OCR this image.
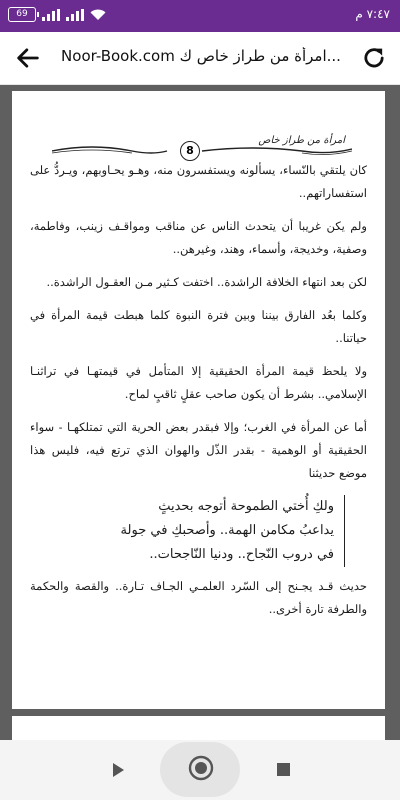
69	٧:٤٧ م
Noor-Book.com امرأة من طراز خاص ك...
8
امرأة من طراز خاص

كان يلتقي بالنّساء، يسألونه ويستفسرون منه، وهـو يحـاوبهم، ويـردُّ على استفساراتهم..

ولم يكن غريبا أن يتحدث الناس عن مناقب ومواقـف زينب، وفاطمة، وصفية، وخديجة، وأسماء، وهند، وغيرهن..

لكن بعد انتهاء الخلافة الراشدة.. اختفت كـثير مـن العقـول الراشدة..

وكلما بعُد الفارق بيننا وبين فترة النبوة كلما هبطت قيمة المرأة في حياتنا..

ولا يلحظ قيمة المرأة الحقيقية إلا المتأمل في قيمتهـا في تراثنـا الإسلامي.. بشرط أن يكون صاحب عقلٍ ثاقبٍ لماح.

أما عن المرأة في الغرب؛ وإلا فبقدر بعض الحرية التي تمتلكهـا - سواء الحقيقية أو الوهمية - بقدر الذّل والهوان الذي ترتع فيه، فليس هذا موضع حديثنا

ولكِ أُختي الطموحة أتوجه بحديثٍ
يداعبُ مكامن الهمة.. وأصحبكِ في جولة
في دروب النّجاح.. ودنيا النّاجحات..

حديث قـد يجـنح إلى السّرد العلمـي الجـاف تـارة.. والقصة والحكمة والطرفة تارة أخرى..
